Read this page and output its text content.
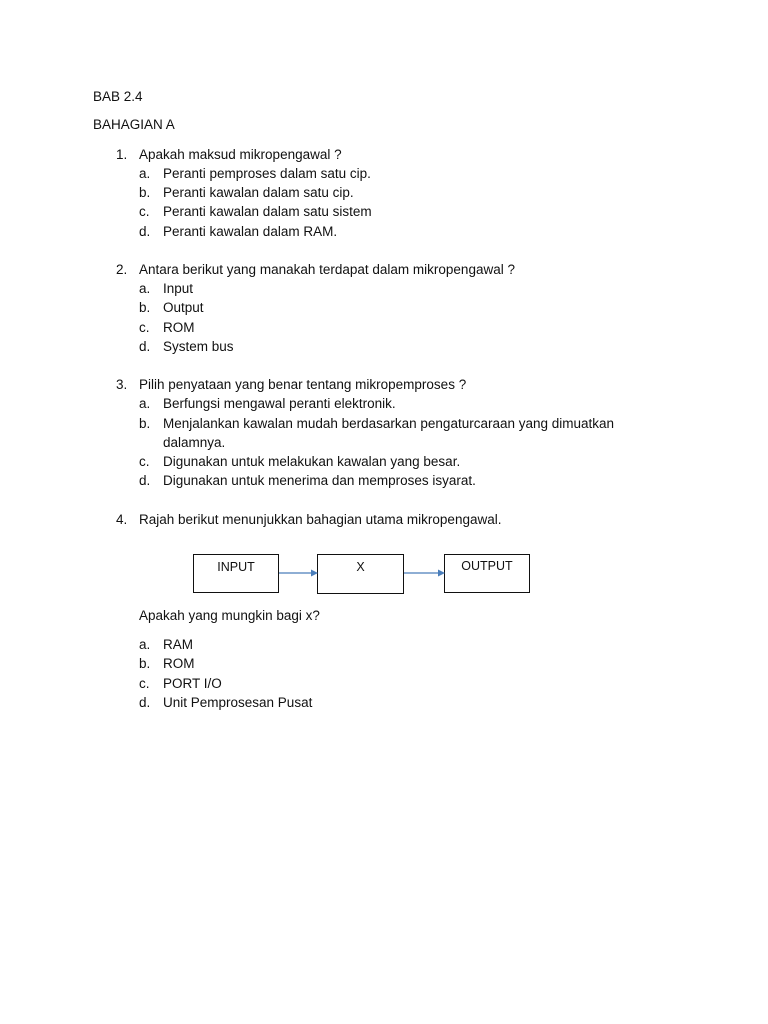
BAB 2.4
BAHAGIAN A
1. Apakah maksud mikropengawal ?
a. Peranti pemproses dalam satu cip.
b. Peranti kawalan dalam satu cip.
c. Peranti kawalan dalam satu sistem
d. Peranti kawalan dalam RAM.
2. Antara berikut yang manakah terdapat dalam mikropengawal ?
a. Input
b. Output
c. ROM
d. System bus
3. Pilih penyataan yang benar tentang mikropemproses ?
a. Berfungsi mengawal peranti elektronik.
b. Menjalankan kawalan mudah berdasarkan pengaturcaraan yang dimuatkan
dalamnya.
c. Digunakan untuk melakukan kawalan yang besar.
d. Digunakan untuk menerima dan memproses isyarat.
4. Rajah berikut menunjukkan bahagian utama mikropengawal.
INPUT	X	OUTPUT
Apakah yang mungkin bagi x?
a. RAM
b. ROM
c. PORT I/O
d. Unit Pemprosesan Pusat
